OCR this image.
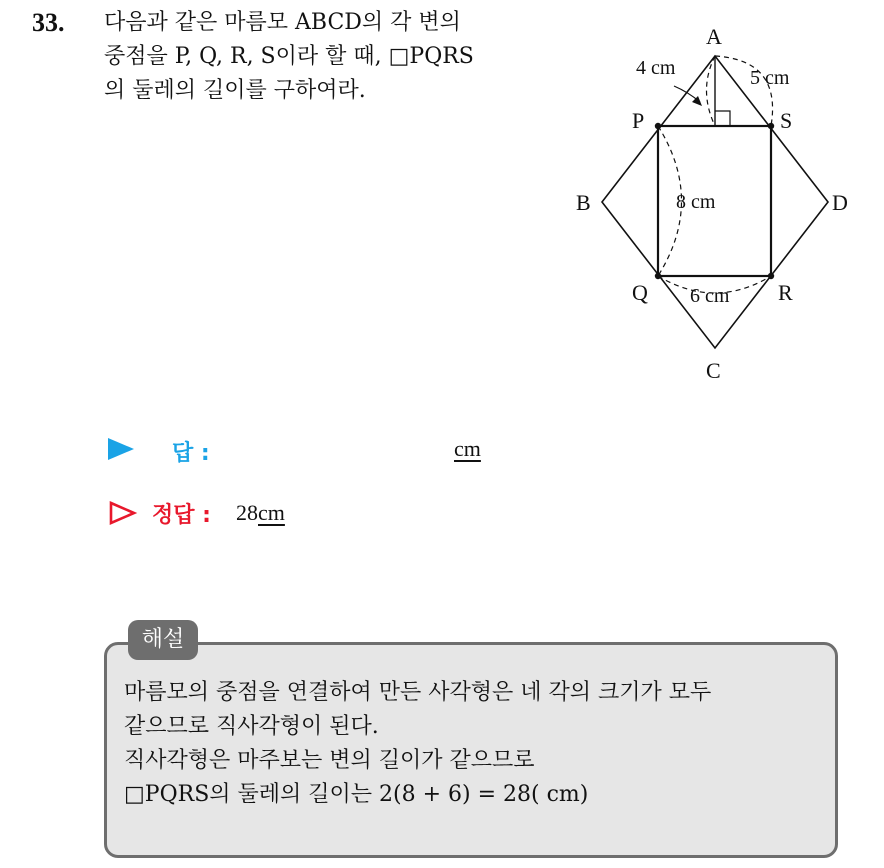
33. 다음과 같은 마름모 ABCD의 각 변의
중점을 P, Q, R, S이라 할 때, □PQRS
의 둘레의 길이를 구하여라.
A
B
C
D
P	S
Q	R
4 cm	5 cm
8 cm
6 cm
답 :	cm
정답 : 28cm
해설
마름모의 중점을 연결하여 만든 사각형은 네 각의 크기가 모두
같으므로 직사각형이 된다.
직사각형은 마주보는 변의 길이가 같으므로
□PQRS의 둘레의 길이는 2(8 + 6) = 28( cm)
